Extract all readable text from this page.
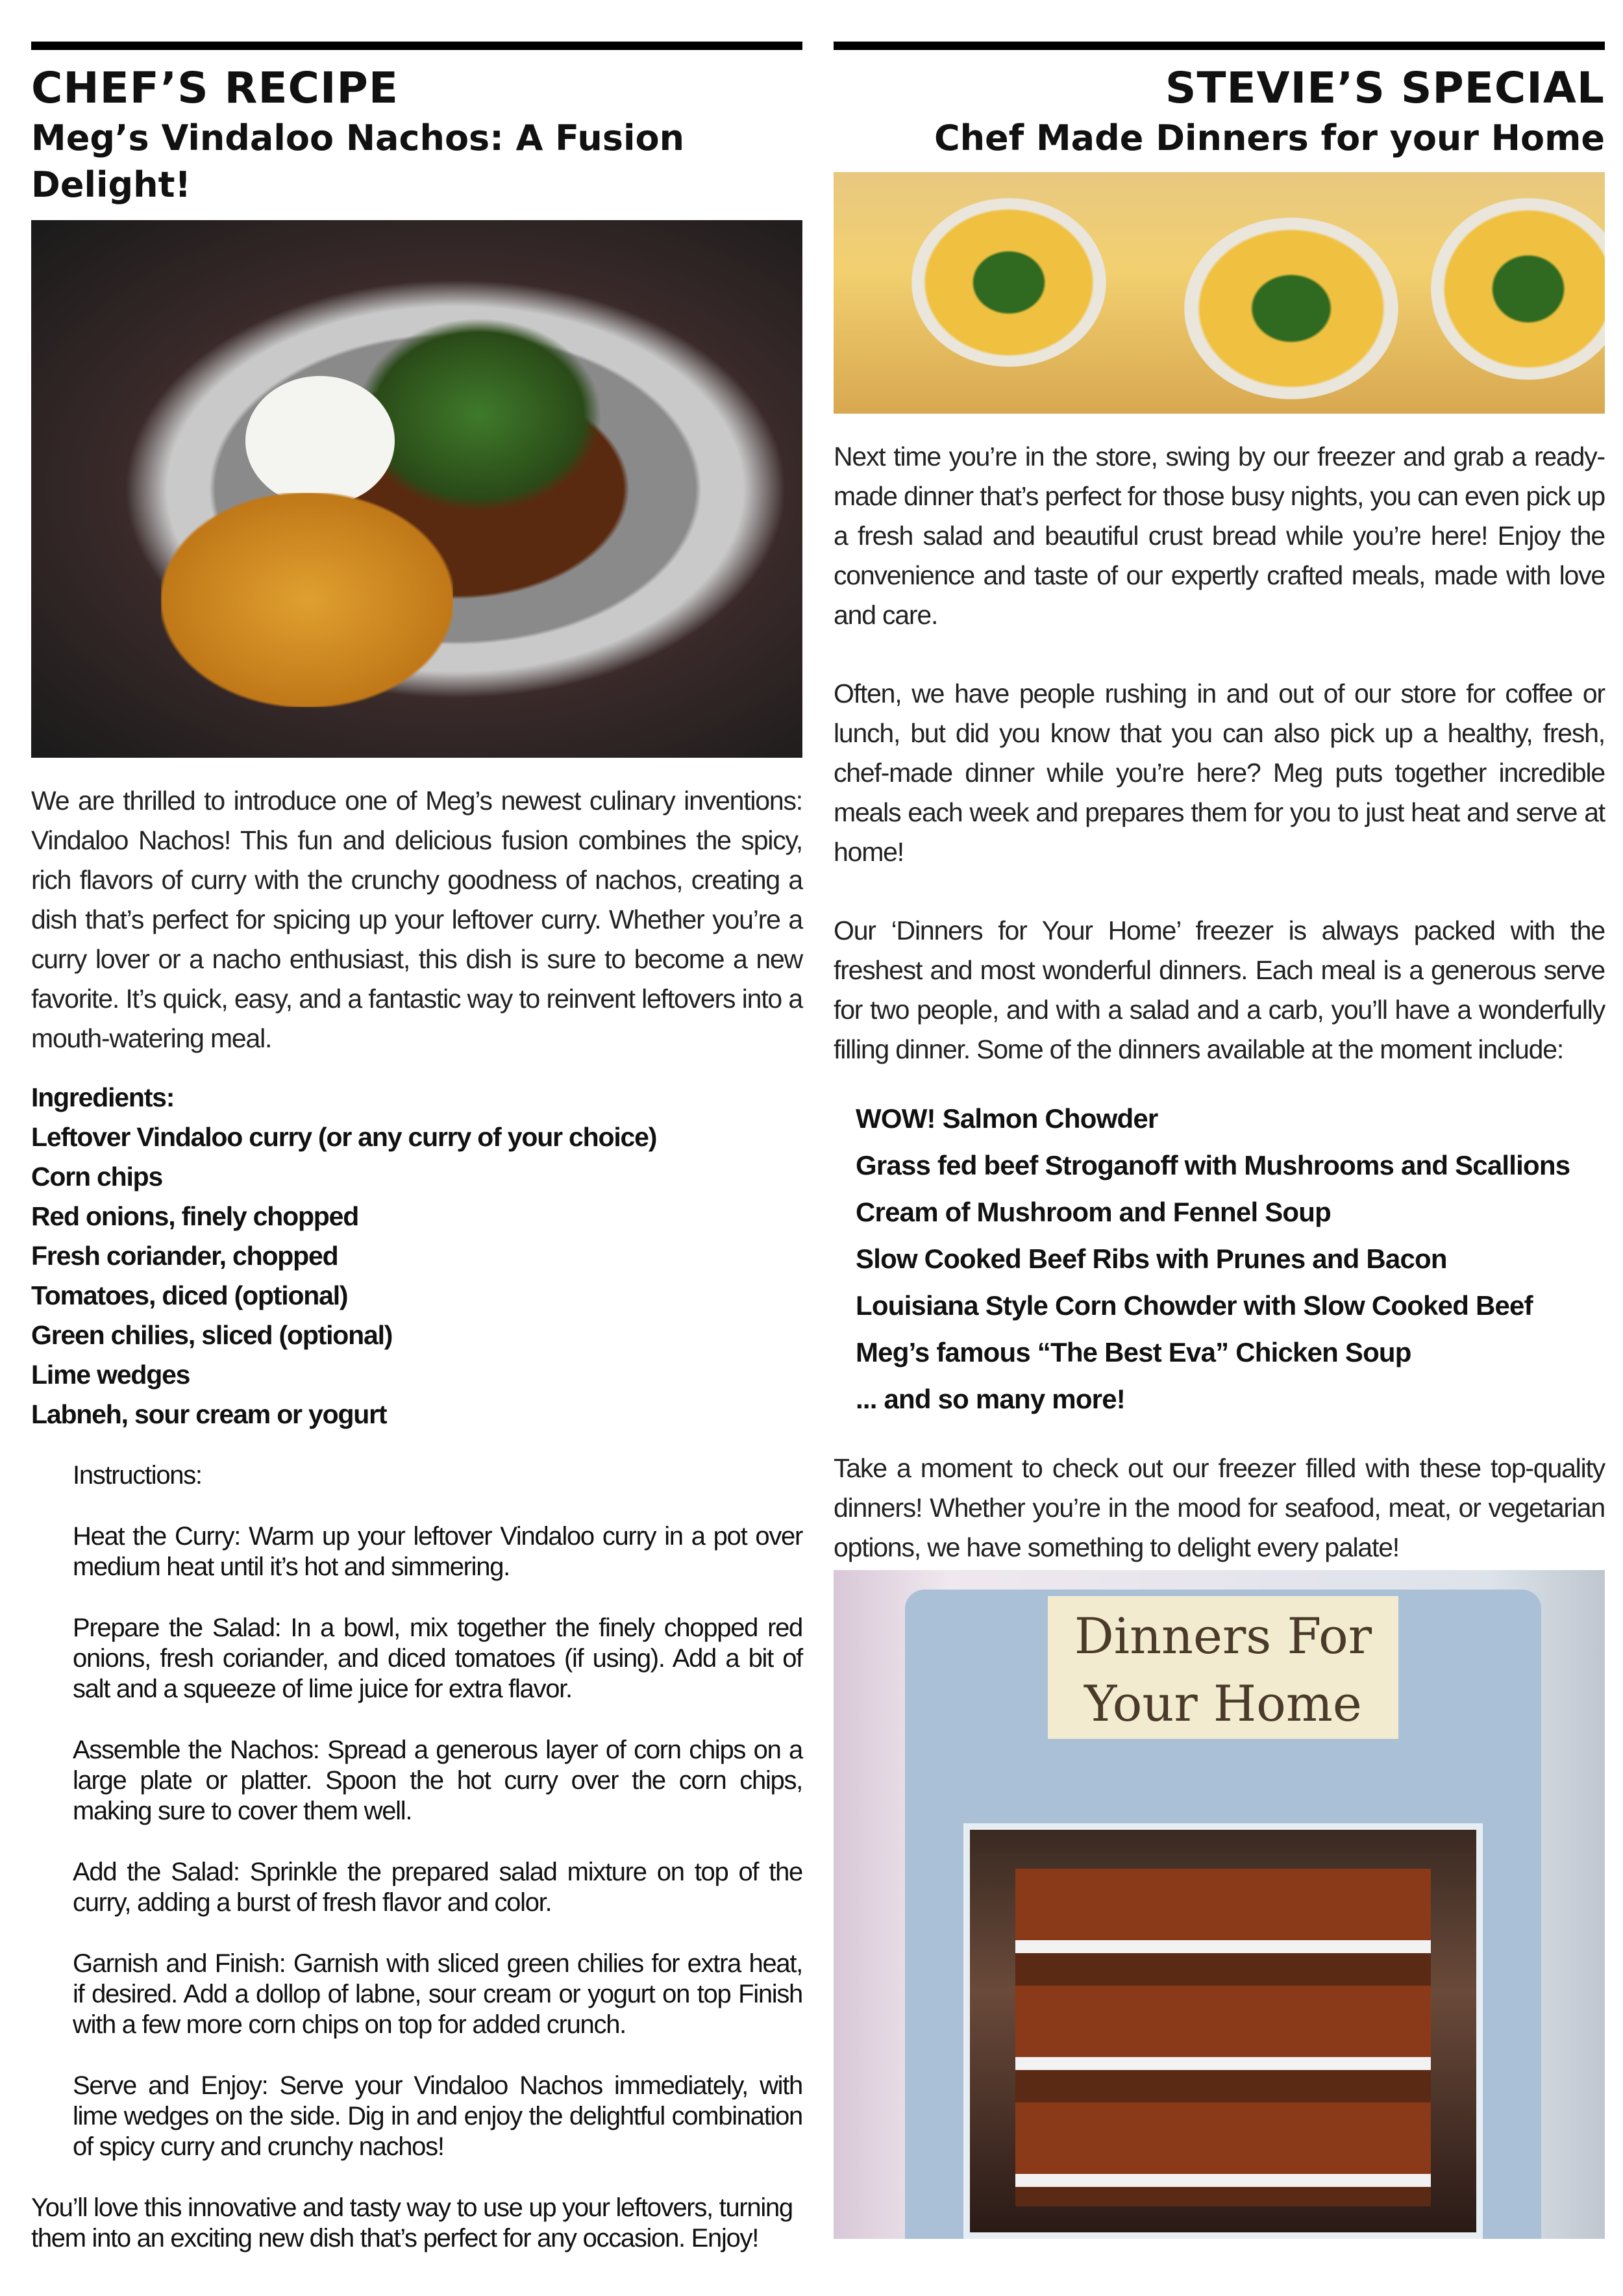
CHEF’S RECIPE
Meg’s Vindaloo Nachos: A Fusion Delight!
We are thrilled to introduce one of Meg’s newest culinary inventions: Vindaloo Nachos! This fun and delicious fusion combines the spicy, rich flavors of curry with the crunchy goodness of nachos, creating a dish that’s perfect for spicing up your leftover curry. Whether you’re a curry lover or a nacho enthusiast, this dish is sure to become a new favorite. It’s quick, easy, and a fantastic way to reinvent leftovers into a mouth-watering meal.
Ingredients:
Leftover Vindaloo curry (or any curry of your choice)
Corn chips
Red onions, finely chopped
Fresh coriander, chopped
Tomatoes, diced (optional)
Green chilies, sliced (optional)
Lime wedges
Labneh, sour cream or yogurt

Instructions:

Heat the Curry: Warm up your leftover Vindaloo curry in a pot over medium heat until it’s hot and simmering.

Prepare the Salad: In a bowl, mix together the finely chopped red onions, fresh coriander, and diced tomatoes (if using). Add a bit of salt and a squeeze of lime juice for extra flavor.

Assemble the Nachos: Spread a generous layer of corn chips on a large plate or platter. Spoon the hot curry over the corn chips, making sure to cover them well.

Add the Salad: Sprinkle the prepared salad mixture on top of the curry, adding a burst of fresh flavor and color.

Garnish and Finish: Garnish with sliced green chilies for extra heat, if desired. Add a dollop of labne, sour cream or yogurt on top Finish with a few more corn chips on top for added crunch.

Serve and Enjoy: Serve your Vindaloo Nachos immediately, with lime wedges on the side. Dig in and enjoy the delightful combination of spicy curry and crunchy nachos!

You’ll love this innovative and tasty way to use up your leftovers, turning them into an exciting new dish that’s perfect for any occasion. Enjoy!
STEVIE’S SPECIAL
Chef Made Dinners for your Home

Next time you’re in the store, swing by our freezer and grab a ready-made dinner that’s perfect for those busy nights, you can even pick up a fresh salad and beautiful crust bread while you’re here! Enjoy the convenience and taste of our expertly crafted meals, made with love and care.

Often, we have people rushing in and out of our store for coffee or lunch, but did you know that you can also pick up a healthy, fresh, chef-made dinner while you’re here? Meg puts together incredible meals each week and prepares them for you to just heat and serve at home!

Our ‘Dinners for Your Home’ freezer is always packed with the freshest and most wonderful dinners. Each meal is a generous serve for two people, and with a salad and a carb, you’ll have a wonderfully filling dinner. Some of the dinners available at the moment include:

WOW! Salmon Chowder
Grass fed beef Stroganoff with Mushrooms and Scallions
Cream of Mushroom and Fennel Soup
Slow Cooked Beef Ribs with Prunes and Bacon
Louisiana Style Corn Chowder with Slow Cooked Beef
Meg’s famous “The Best Eva” Chicken Soup
... and so many more!
Take a moment to check out our freezer filled with these top-quality dinners! Whether you’re in the mood for seafood, meat, or vegetarian options, we have something to delight every palate!
Dinners For
Your Home
